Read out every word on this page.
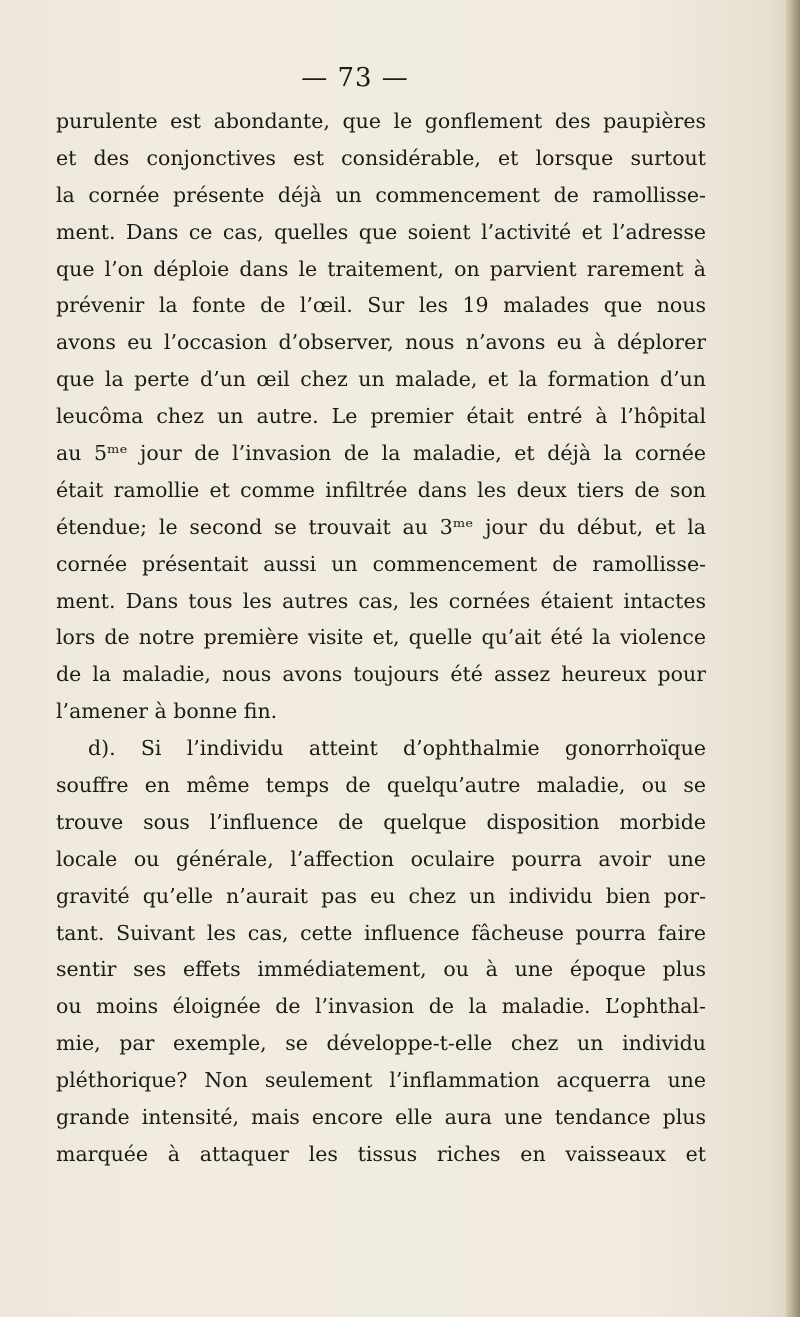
— 73 —
purulente est abondante, que le gonflement des paupières
et des conjonctives est considérable, et lorsque surtout
la cornée présente déjà un commencement de ramollisse-
ment. Dans ce cas, quelles que soient l’activité et l’adresse
que l’on déploie dans le traitement, on parvient rarement à
prévenir la fonte de l’œil. Sur les 19 malades que nous
avons eu l’occasion d’observer, nous n’avons eu à déplorer
que la perte d’un œil chez un malade, et la formation d’un
leucôma chez un autre. Le premier était entré à l’hôpital
au 5ᵐᵉ jour de l’invasion de la maladie, et déjà la cornée
était ramollie et comme infiltrée dans les deux tiers de son
étendue; le second se trouvait au 3ᵐᵉ jour du début, et la
cornée présentait aussi un commencement de ramollisse-
ment. Dans tous les autres cas, les cornées étaient intactes
lors de notre première visite et, quelle qu’ait été la violence
de la maladie, nous avons toujours été assez heureux pour
l’amener à bonne fin.
d). Si l’individu atteint d’ophthalmie gonorrhoïque
souffre en même temps de quelqu’autre maladie, ou se
trouve sous l’influence de quelque disposition morbide
locale ou générale, l’affection oculaire pourra avoir une
gravité qu’elle n’aurait pas eu chez un individu bien por-
tant. Suivant les cas, cette influence fâcheuse pourra faire
sentir ses effets immédiatement, ou à une époque plus
ou moins éloignée de l’invasion de la maladie. L’ophthal-
mie, par exemple, se développe-t-elle chez un individu
pléthorique? Non seulement l’inflammation acquerra une
grande intensité, mais encore elle aura une tendance plus
marquée à attaquer les tissus riches en vaisseaux et
